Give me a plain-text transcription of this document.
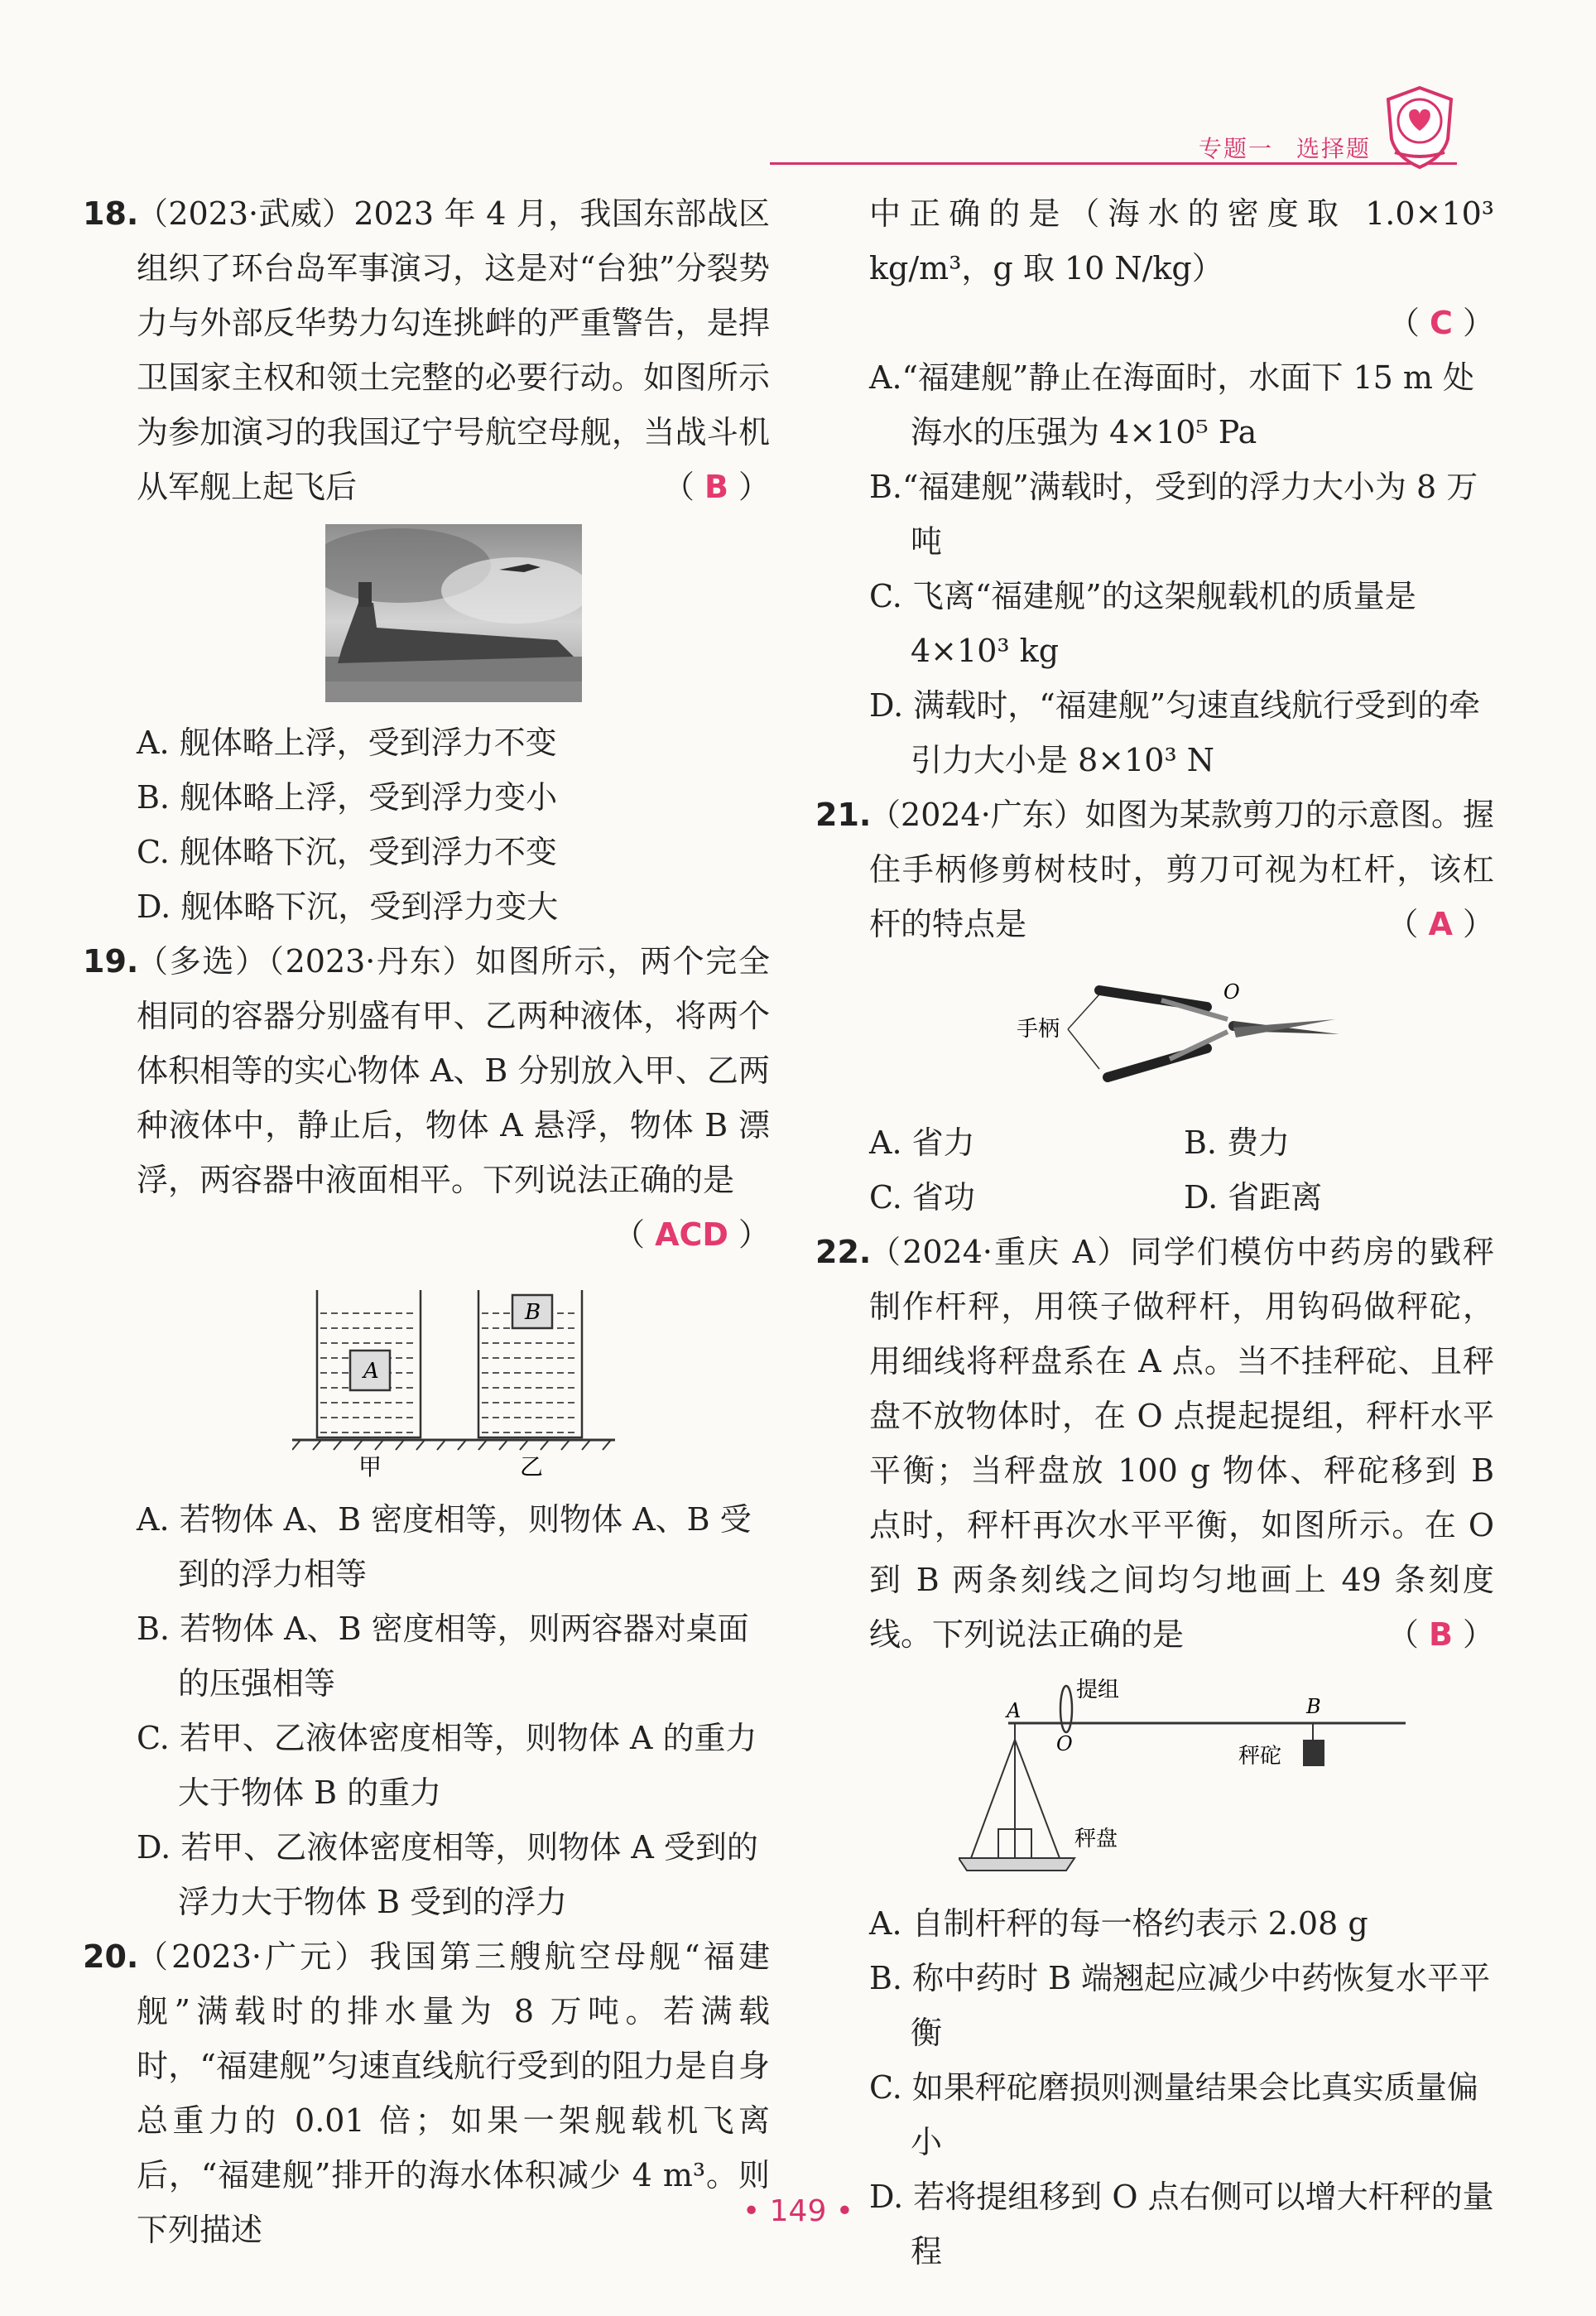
专题一 选择题
18.
（2023·武威）2023 年 4 月，我国东部战区组织了环台岛军事演习，这是对“台独”分裂势力与外部反华势力勾连挑衅的严重警告，是捍卫国家主权和领土完整的必要行动。如图所示为参加演习的我国辽宁号航空母舰，当战斗机从军舰上起飞后	（ B ）
A. 舰体略上浮，受到浮力不变
B. 舰体略上浮，受到浮力变小
C. 舰体略下沉，受到浮力不变
D. 舰体略下沉，受到浮力变大
19.
（多选）（2023·丹东）如图所示，两个完全相同的容器分别盛有甲、乙两种液体，将两个体积相等的实心物体 A、B 分别放入甲、乙两种液体中，静止后，物体 A 悬浮，物体 B 漂浮，两容器中液面相平。下列说法正确的是
（ ACD ）
A
B
甲	乙
A. 若物体 A、B 密度相等，则物体 A、B 受到的浮力相等
B. 若物体 A、B 密度相等，则两容器对桌面的压强相等
C. 若甲、乙液体密度相等，则物体 A 的重力大于物体 B 的重力
D. 若甲、乙液体密度相等，则物体 A 受到的浮力大于物体 B 受到的浮力
20.
（2023·广元）我国第三艘航空母舰“福建舰”满载时的排水量为 8 万吨。若满载时，“福建舰”匀速直线航行受到的阻力是自身总重力的 0.01 倍；如果一架舰载机飞离后，“福建舰”排开的海水体积减少 4 m³。则下列描述
中正确的是（海水的密度取 1.0×10³ kg/m³，g 取 10 N/kg）
（ C ）
A.“福建舰”静止在海面时，水面下 15 m 处海水的压强为 4×10⁵ Pa
B.“福建舰”满载时，受到的浮力大小为 8 万吨
C. 飞离“福建舰”的这架舰载机的质量是 4×10³ kg
D. 满载时，“福建舰”匀速直线航行受到的牵引力大小是 8×10³ N
21.
（2024·广东）如图为某款剪刀的示意图。握住手柄修剪树枝时，剪刀可视为杠杆，该杠杆的特点是	（ A ）
手柄
O
A. 省力	B. 费力
C. 省功	D. 省距离
22.
（2024·重庆 A）同学们模仿中药房的戥秤制作杆秤，用筷子做秤杆，用钩码做秤砣，用细线将秤盘系在 A 点。当不挂秤砣、且秤盘不放物体时，在 O 点提起提组，秤杆水平平衡；当秤盘放 100 g 物体、秤砣移到 B 点时，秤杆再次水平平衡，如图所示。在 O 到 B 两条刻线之间均匀地画上 49 条刻度线。下列说法正确的是	（ B ）
提组
A
O
B
秤砣
秤盘
A. 自制杆秤的每一格约表示 2.08 g
B. 称中药时 B 端翘起应减少中药恢复水平平衡
C. 如果秤砣磨损则测量结果会比真实质量偏小
D. 若将提组移到 O 点右侧可以增大杆秤的量程
• 149 •
